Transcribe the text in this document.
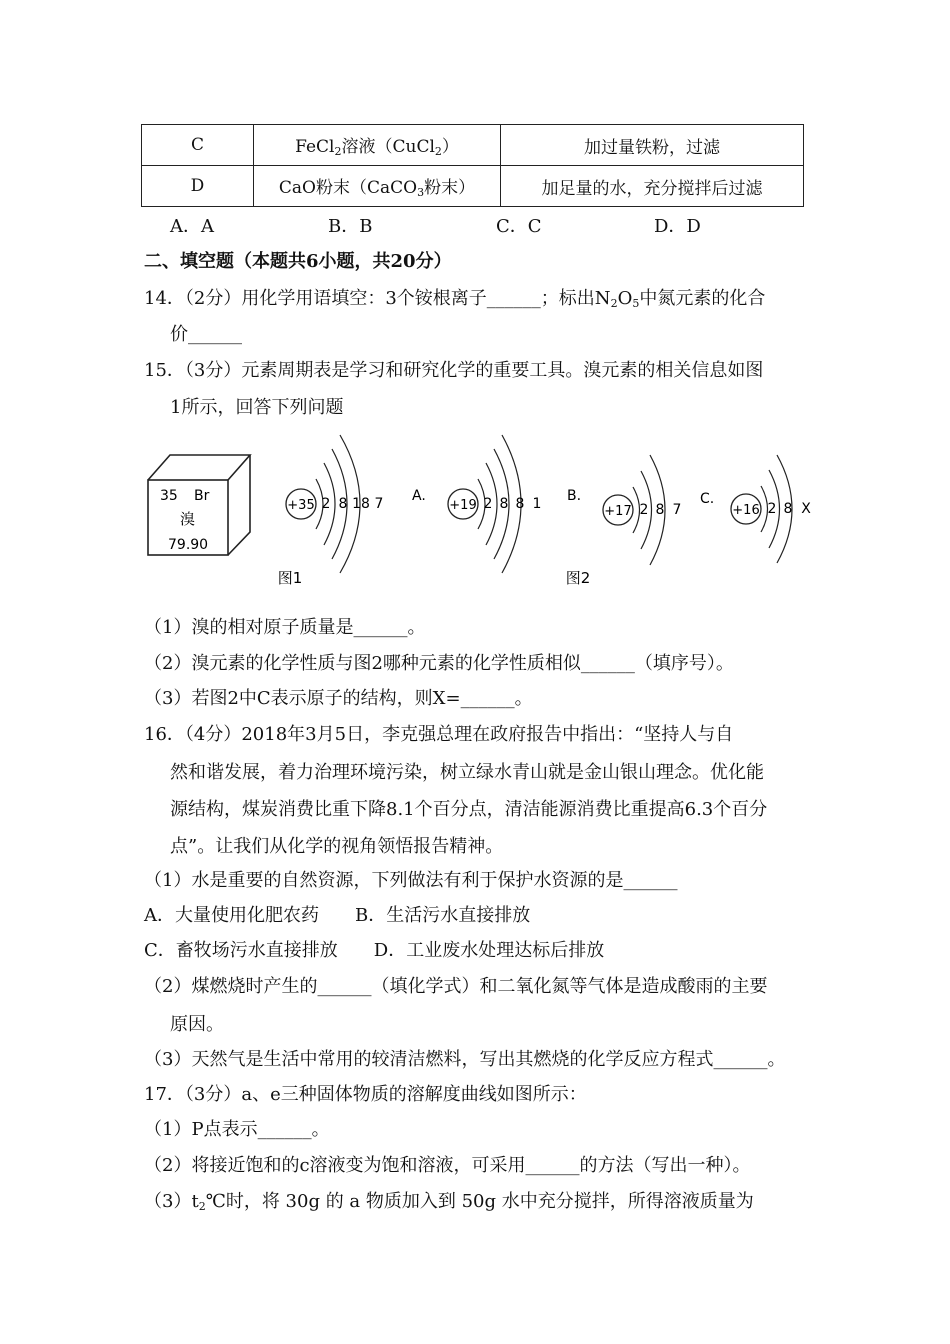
C	FeCl$_2$溶液（CuCl$_2$）	加过量铁粉，过滤
D	CaO粉末（CaCO$_3$粉末）	加足量的水，充分搅拌后过滤
A．A	B．B	C．C	D．D
二、填空题（本题共6小题，共20分）
14．（2分）用化学用语填空：3个铵根离子______；标出$N_2O_5$中氮元素的化合
价______
15．（3分）元素周期表是学习和研究化学的重要工具。溴元素的相关信息如图
1所示，回答下列问题
35 Br
溴
79.90
+35 2 8 18 7
图1
A.
+19 2 8 8 1 B.
+17 2 8 7
图2
C.
+16 2 8 X
（1）溴的相对原子质量是______。
（2）溴元素的化学性质与图2哪种元素的化学性质相似______（填序号）。
（3）若图2中C表示原子的结构，则X=______。
16．（4分）2018年3月5日，李克强总理在政府报告中指出：“坚持人与自
然和谐发展，着力治理环境污染，树立绿水青山就是金山银山理念。优化能
源结构，煤炭消费比重下降8.1个百分点，清洁能源消费比重提高6.3个百分
点”。让我们从化学的视角领悟报告精神。
（1）水是重要的自然资源，下列做法有利于保护水资源的是______
A．大量使用化肥农药　　B．生活污水直接排放
C．畜牧场污水直接排放　　D．工业废水处理达标后排放
（2）煤燃烧时产生的______（填化学式）和二氧化氮等气体是造成酸雨的主要
原因。
（3）天然气是生活中常用的较清洁燃料，写出其燃烧的化学反应方程式______。
17．（3分）a、e三种固体物质的溶解度曲线如图所示：
（1）P点表示______。
（2）将接近饱和的c溶液变为饱和溶液，可采用______的方法（写出一种）。
$(3)t_2℃$时，将 30g 的 a 物质加入到 50g 水中充分搅拌，所得溶液质量为
